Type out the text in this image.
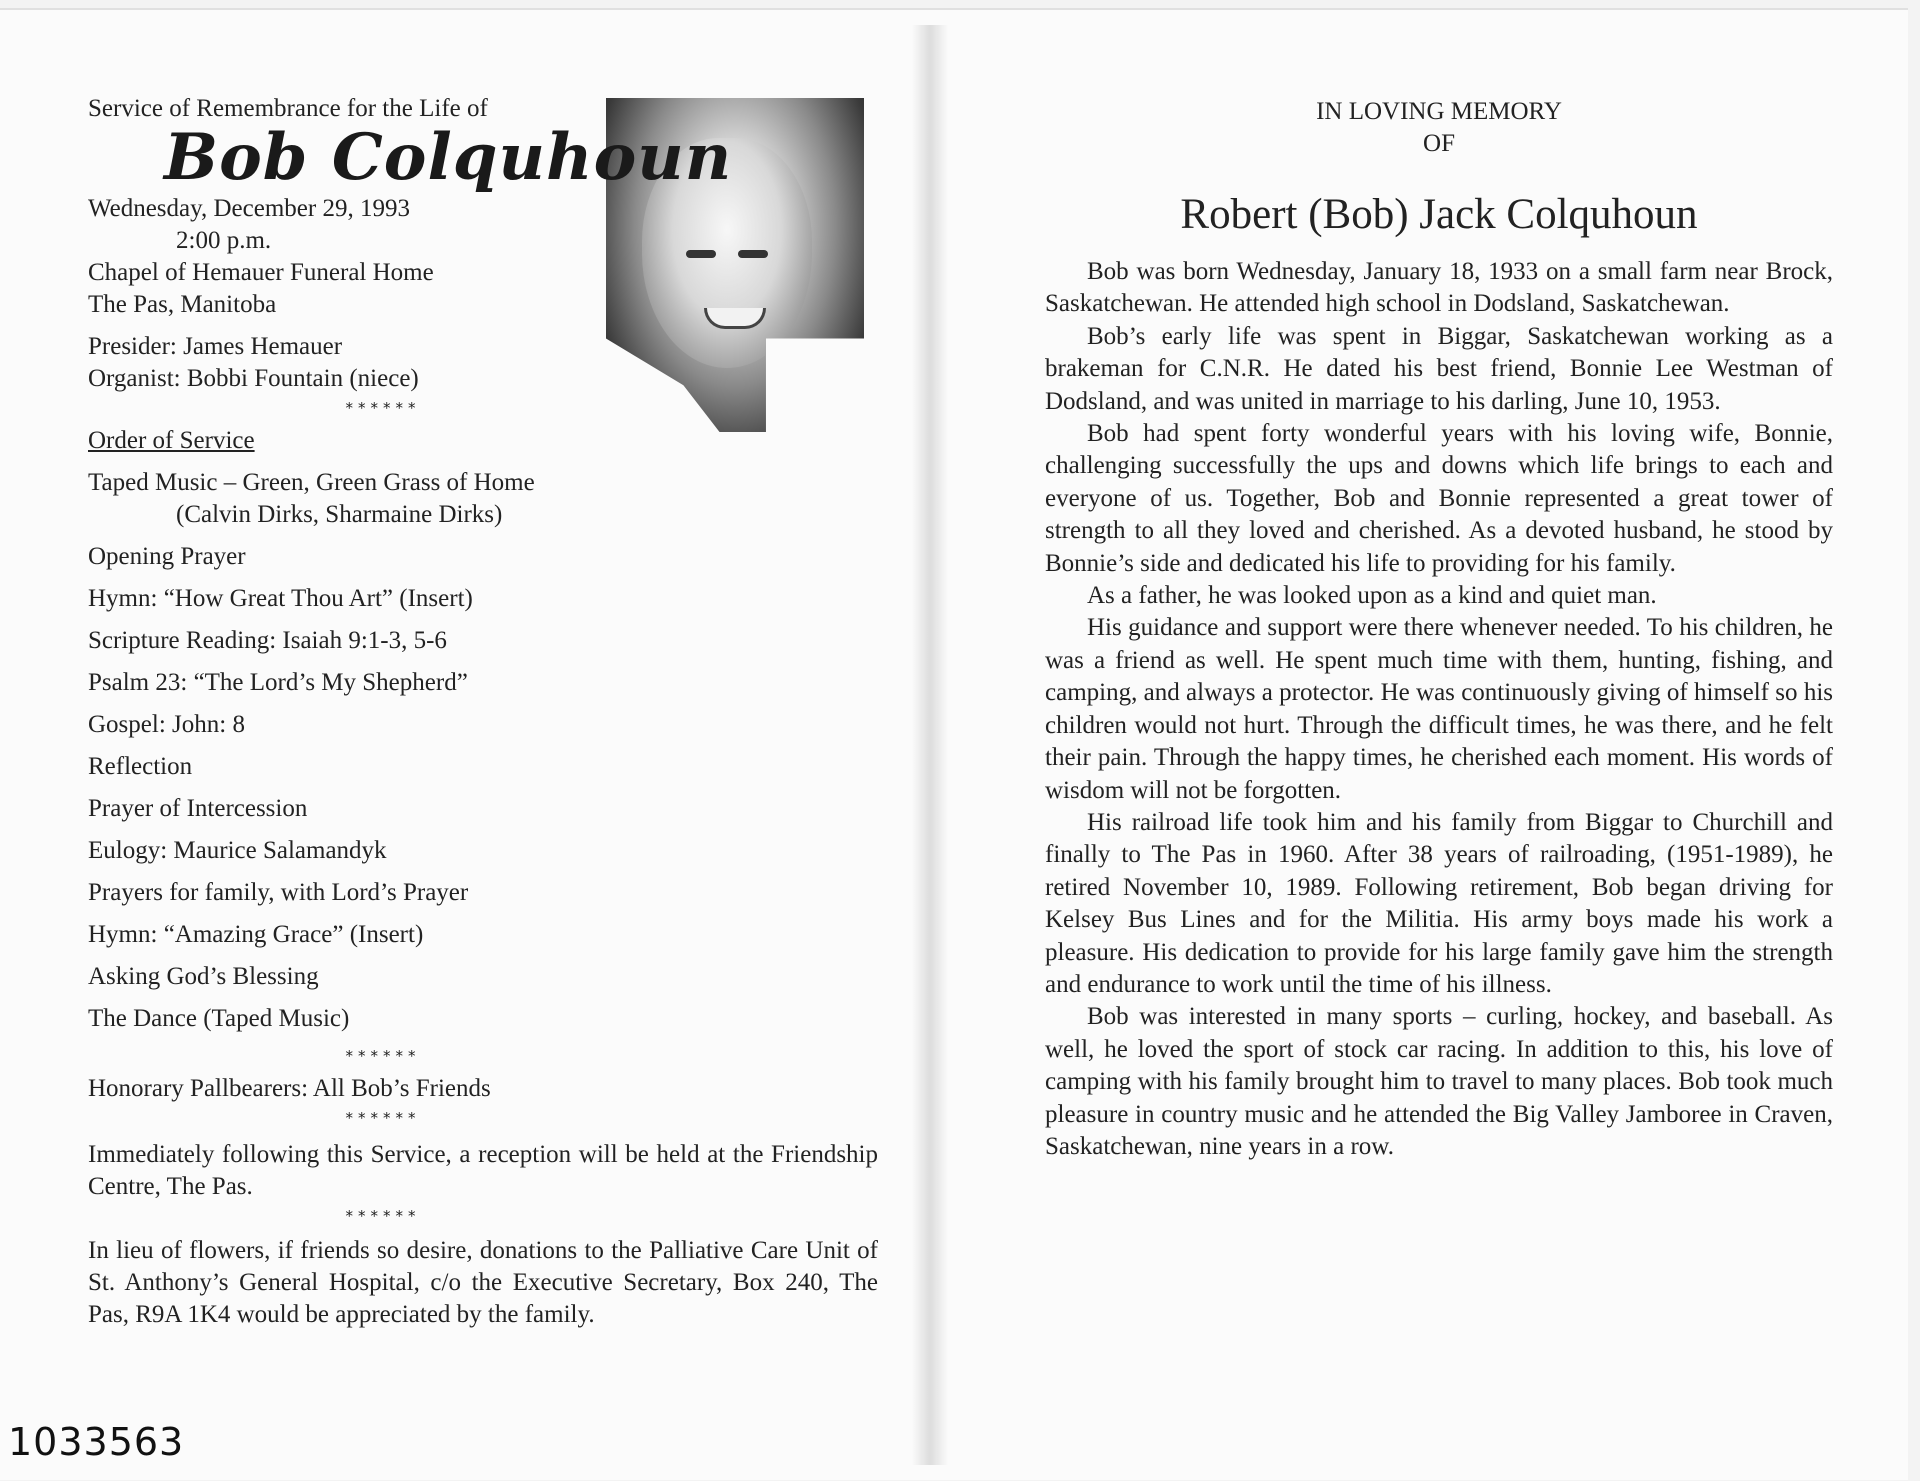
Service of Remembrance for the Life of
Bob Colquhoun
Wednesday, December 29, 1993
2:00 p.m.
Chapel of Hemauer Funeral Home
The Pas, Manitoba
Presider: James Hemauer
Organist: Bobbi Fountain (niece)
******
Order of Service
Taped Music – Green, Green Grass of Home
(Calvin Dirks, Sharmaine Dirks)
Opening Prayer
Hymn: “How Great Thou Art” (Insert)
Scripture Reading: Isaiah 9:1-3, 5-6
Psalm 23: “The Lord’s My Shepherd”
Gospel: John: 8
Reflection
Prayer of Intercession
Eulogy: Maurice Salamandyk
Prayers for family, with Lord’s Prayer
Hymn: “Amazing Grace” (Insert)
Asking God’s Blessing
The Dance (Taped Music)
******
Honorary Pallbearers: All Bob’s Friends
******
Immediately following this Service, a reception will be held at the Friendship Centre, The Pas.
******
In lieu of flowers, if friends so desire, donations to the Palliative Care Unit of St. Anthony’s General Hospital, c/o the Executive Secretary, Box 240, The Pas, R9A 1K4 would be appreciated by the family.
IN LOVING MEMORY
OF
Robert (Bob) Jack Colquhoun

Bob was born Wednesday, January 18, 1933 on a small farm near Brock, Saskatchewan. He attended high school in Dodsland, Saskatchewan.

Bob’s early life was spent in Biggar, Saskatchewan working as a brakeman for C.N.R. He dated his best friend, Bonnie Lee Westman of Dodsland, and was united in marriage to his darling, June 10, 1953.

Bob had spent forty wonderful years with his loving wife, Bonnie, challenging successfully the ups and downs which life brings to each and everyone of us. Together, Bob and Bonnie represented a great tower of strength to all they loved and cherished. As a devoted husband, he stood by Bonnie’s side and dedicated his life to providing for his family.

As a father, he was looked upon as a kind and quiet man.

His guidance and support were there whenever needed. To his children, he was a friend as well. He spent much time with them, hunting, fishing, and camping, and always a protector. He was continuously giving of himself so his children would not hurt. Through the difficult times, he was there, and he felt their pain. Through the happy times, he cherished each moment. His words of wisdom will not be forgotten.

His railroad life took him and his family from Biggar to Churchill and finally to The Pas in 1960. After 38 years of railroading, (1951-1989), he retired November 10, 1989. Following retirement, Bob began driving for Kelsey Bus Lines and for the Militia. His army boys made his work a pleasure. His dedication to provide for his large family gave him the strength and endurance to work until the time of his illness.

Bob was interested in many sports – curling, hockey, and baseball. As well, he loved the sport of stock car racing. In addition to this, his love of camping with his family brought him to travel to many places. Bob took much pleasure in country music and he attended the Big Valley Jamboree in Craven, Saskatchewan, nine years in a row.

1033563
